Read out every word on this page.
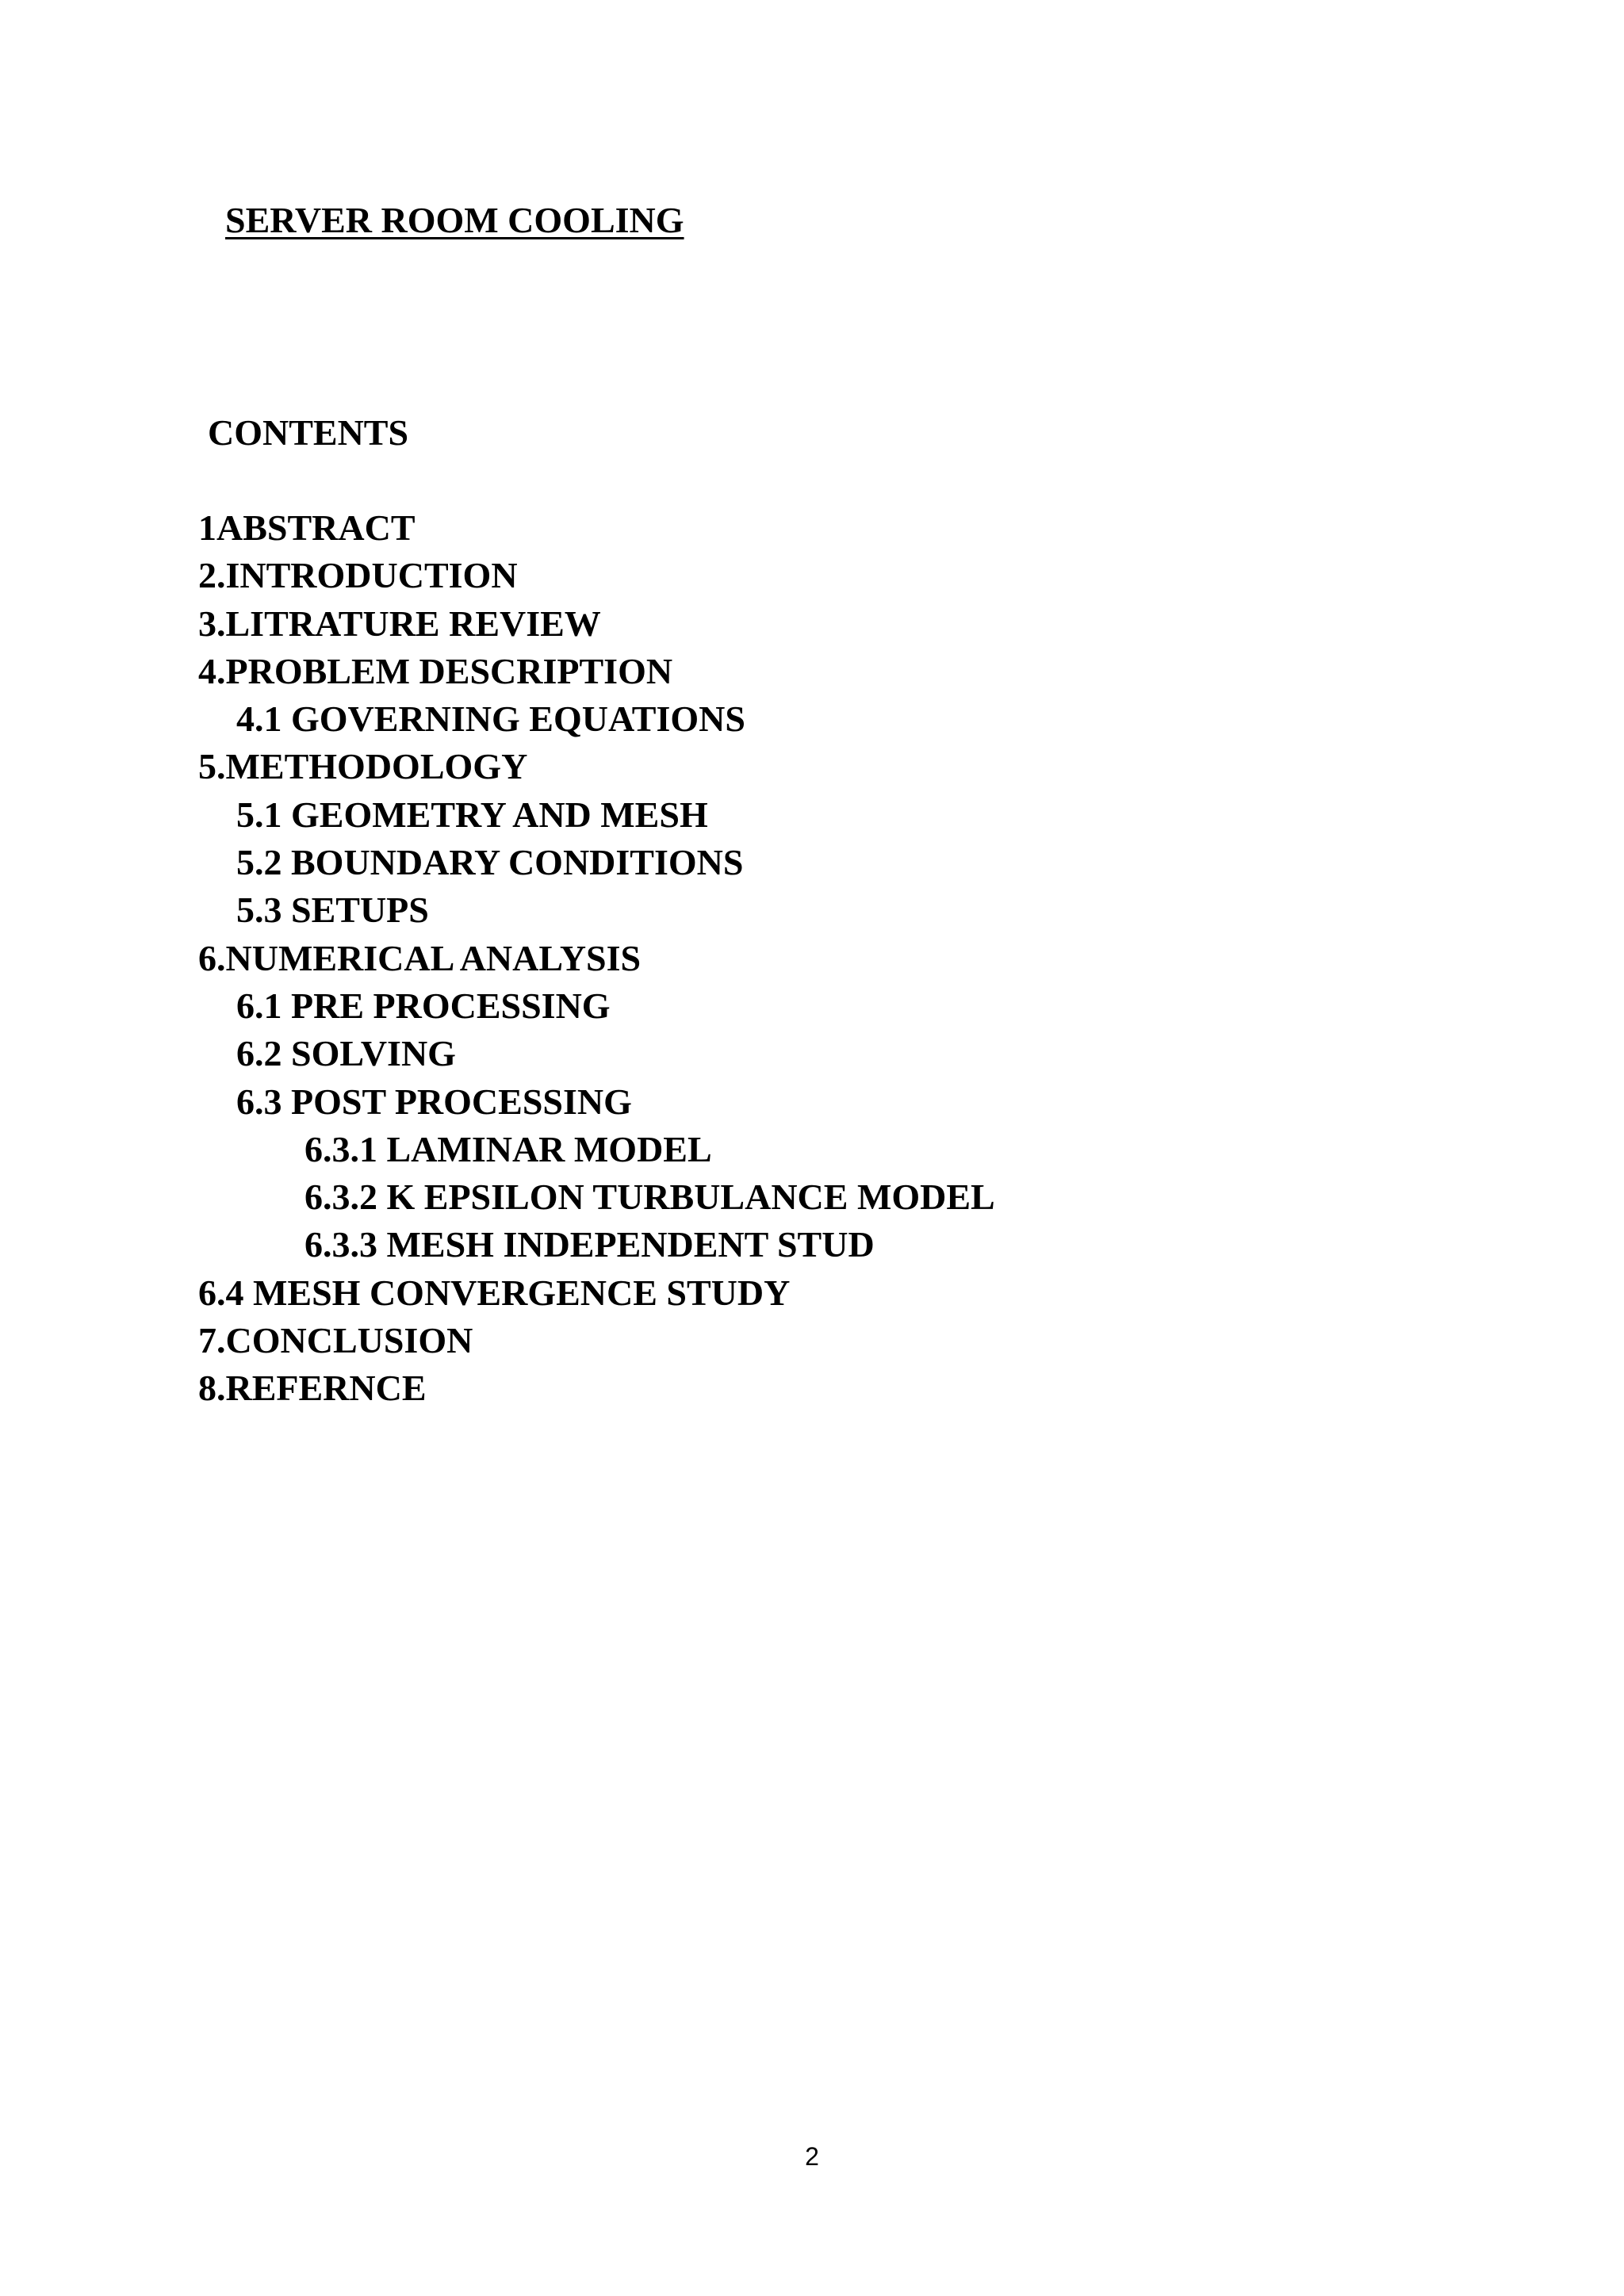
SERVER ROOM COOLING
CONTENTS
1ABSTRACT
2.INTRODUCTION
3.LITRATURE REVIEW
4.PROBLEM DESCRIPTION
4.1 GOVERNING EQUATIONS
5.METHODOLOGY
5.1 GEOMETRY AND MESH
5.2 BOUNDARY CONDITIONS
5.3 SETUPS
6.NUMERICAL ANALYSIS
6.1 PRE PROCESSING
6.2 SOLVING
6.3 POST PROCESSING
6.3.1 LAMINAR MODEL
6.3.2 K EPSILON TURBULANCE MODEL
6.3.3 MESH INDEPENDENT STUD
6.4 MESH CONVERGENCE STUDY
7.CONCLUSION
8.REFERNCE
2
